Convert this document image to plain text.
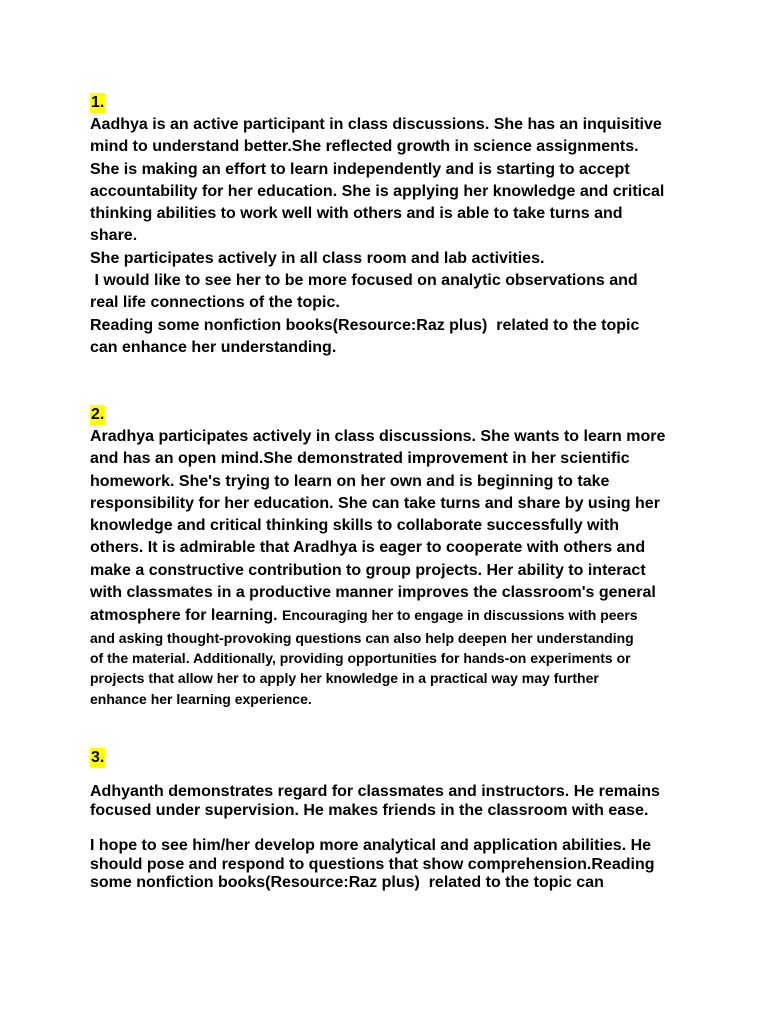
1.
Aadhya is an active participant in class discussions. She has an inquisitive
mind to understand better.She reflected growth in science assignments.
She is making an effort to learn independently and is starting to accept
accountability for her education. She is applying her knowledge and critical
thinking abilities to work well with others and is able to take turns and
share.
She participates actively in all class room and lab activities.
I would like to see her to be more focused on analytic observations and
real life connections of the topic.
Reading some nonfiction books(Resource:Raz plus)  related to the topic
can enhance her understanding.
2.
Aradhya participates actively in class discussions. She wants to learn more
and has an open mind.She demonstrated improvement in her scientific
homework. She's trying to learn on her own and is beginning to take
responsibility for her education. She can take turns and share by using her
knowledge and critical thinking skills to collaborate successfully with
others. It is admirable that Aradhya is eager to cooperate with others and
make a constructive contribution to group projects. Her ability to interact
with classmates in a productive manner improves the classroom's general
atmosphere for learning. Encouraging her to engage in discussions with peers
and asking thought-provoking questions can also help deepen her understanding
of the material. Additionally, providing opportunities for hands-on experiments or
projects that allow her to apply her knowledge in a practical way may further
enhance her learning experience.
3.
Adhyanth demonstrates regard for classmates and instructors. He remains
focused under supervision. He makes friends in the classroom with ease.
I hope to see him/her develop more analytical and application abilities. He
should pose and respond to questions that show comprehension.Reading
some nonfiction books(Resource:Raz plus)  related to the topic can
